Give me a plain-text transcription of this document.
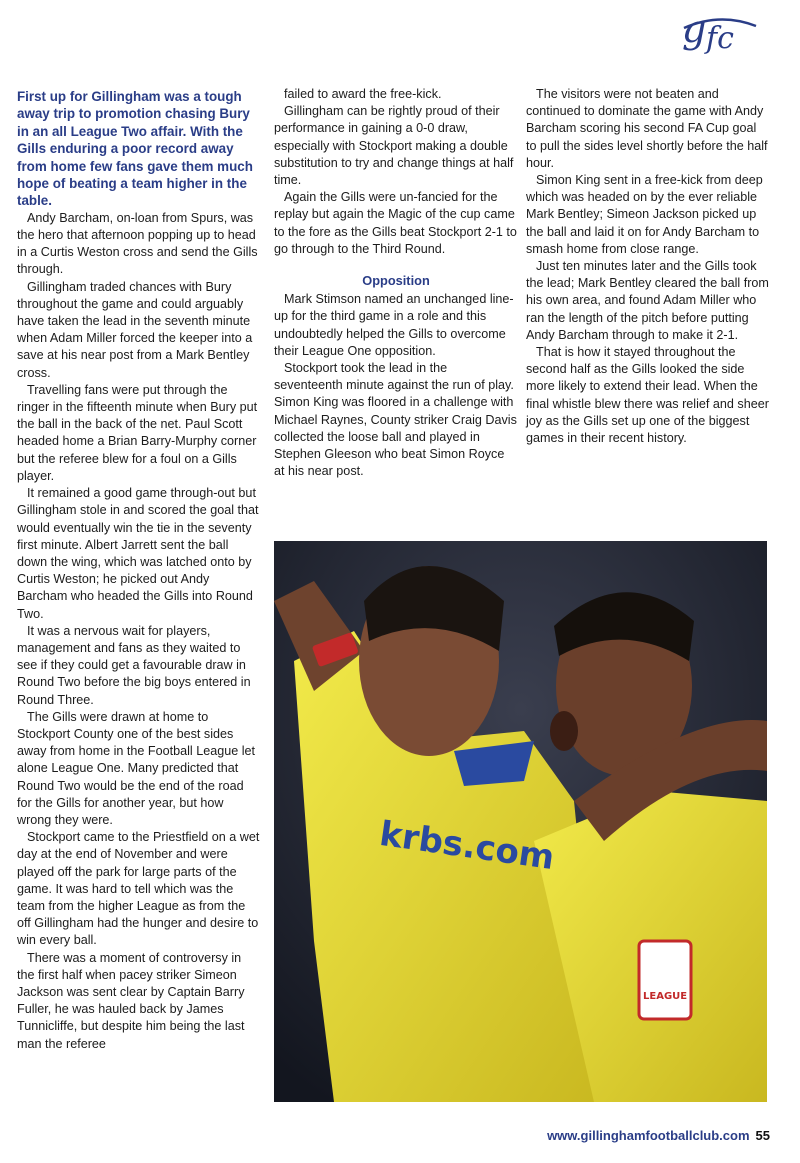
g fc

First up for Gillingham was a tough away trip to promotion chasing Bury in an all League Two affair. With the Gills enduring a poor record away from home few fans gave them much hope of beating a team higher in the table.

Andy Barcham, on-loan from Spurs, was the hero that afternoon popping up to head in a Curtis Weston cross and send the Gills through.

Gillingham traded chances with Bury throughout the game and could arguably have taken the lead in the seventh minute when Adam Miller forced the keeper into a save at his near post from a Mark Bentley cross.

Travelling fans were put through the ringer in the fifteenth minute when Bury put the ball in the back of the net. Paul Scott headed home a Brian Barry-Murphy corner but the referee blew for a foul on a Gills player.

It remained a good game through-out but Gillingham stole in and scored the goal that would eventually win the tie in the seventy first minute. Albert Jarrett sent the ball down the wing, which was latched onto by Curtis Weston; he picked out Andy Barcham who headed the Gills into Round Two.

It was a nervous wait for players, management and fans as they waited to see if they could get a favourable draw in Round Two before the big boys entered in Round Three.

The Gills were drawn at home to Stockport County one of the best sides away from home in the Football League let alone League One. Many predicted that Round Two would be the end of the road for the Gills for another year, but how wrong they were.

Stockport came to the Priestfield on a wet day at the end of November and were played off the park for large parts of the game. It was hard to tell which was the team from the higher League as from the off Gillingham had the hunger and desire to win every ball.

There was a moment of controversy in the first half when pacey striker Simeon Jackson was sent clear by Captain Barry Fuller, he was hauled back by James Tunnicliffe, but despite him being the last man the referee

failed to award the free-kick.

Gillingham can be rightly proud of their performance in gaining a 0-0 draw, especially with Stockport making a double substitution to try and change things at half time.

Again the Gills were un-fancied for the replay but again the Magic of the cup came to the fore as the Gills beat Stockport 2-1 to go through to the Third Round.

Opposition

Mark Stimson named an unchanged line-up for the third game in a role and this undoubtedly helped the Gills to overcome their League One opposition.

Stockport took the lead in the seventeenth minute against the run of play. Simon King was floored in a challenge with Michael Raynes, County striker Craig Davis collected the loose ball and played in Stephen Gleeson who beat Simon Royce at his near post.

The visitors were not beaten and continued to dominate the game with Andy Barcham scoring his second FA Cup goal to pull the sides level shortly before the half hour.

Simon King sent in a free-kick from deep which was headed on by the ever reliable Mark Bentley; Simeon Jackson picked up the ball and laid it on for Andy Barcham to smash home from close range.

Just ten minutes later and the Gills took the lead; Mark Bentley cleared the ball from his own area, and found Adam Miller who ran the length of the pitch before putting Andy Barcham through to make it 2-1.

That is how it stayed throughout the second half as the Gills looked the side more likely to extend their lead. When the final whistle blew there was relief and sheer joy as the Gills set up one of the biggest games in their recent history.

krbs.com
LEAGUE
www.gillinghamfootballclub.com 55
